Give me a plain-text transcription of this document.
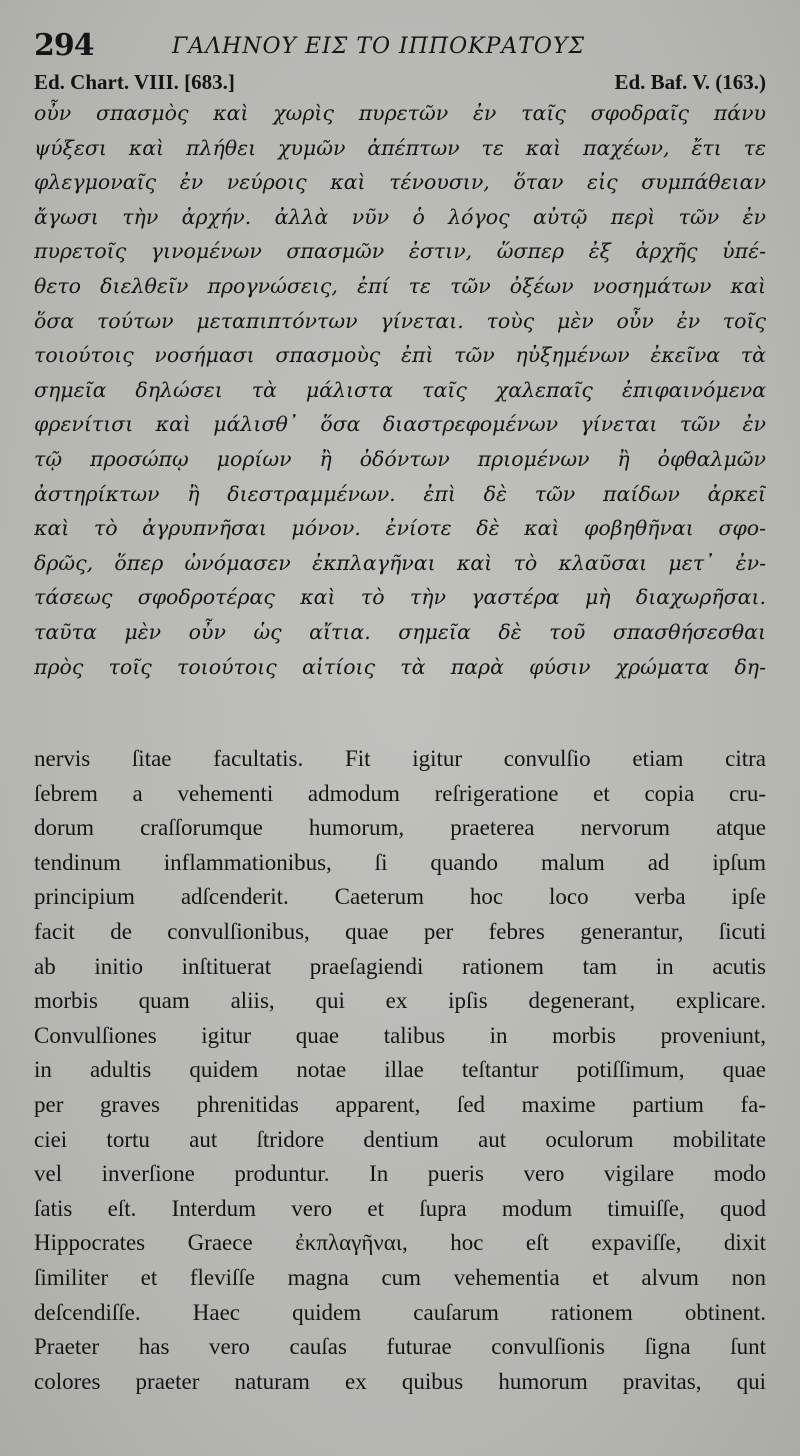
294	ΓΑΛΗΝΟΥ ΕΙΣ ΤΟ ΙΠΠΟΚΡΑΤΟΥΣ
Ed. Chart. VIII. [683.]	Ed. Baf. V. (163.)
οὖν σπασμὸς καὶ χωρὶς πυρετῶν ἐν ταῖς σφοδραῖς πάνυ
ψύξεσι καὶ πλήθει χυμῶν ἀπέπτων τε καὶ παχέων, ἔτι τε
φλεγμοναῖς ἐν νεύροις καὶ τένουσιν, ὅταν εἰς συμπάθειαν
ἄγωσι τὴν ἀρχήν. ἀλλὰ νῦν ὁ λόγος αὐτῷ περὶ τῶν ἐν
πυρετοῖς γινομένων σπασμῶν ἐστιν, ὥσπερ ἐξ ἀρχῆς ὑπέ-
θετο διελθεῖν προγνώσεις, ἐπί τε τῶν ὀξέων νοσημάτων καὶ
ὅσα τούτων μεταπιπτόντων γίνεται. τοὺς μὲν οὖν ἐν τοῖς
τοιούτοις νοσήμασι σπασμοὺς ἐπὶ τῶν ηὐξημένων ἐκεῖνα τὰ
σημεῖα δηλώσει τὰ μάλιστα ταῖς χαλεπαῖς ἐπιφαινόμενα
φρενίτισι καὶ μάλισθ᾽ ὅσα διαστρεφομένων γίνεται τῶν ἐν
τῷ προσώπῳ μορίων ἢ ὀδόντων πριομένων ἢ ὀφθαλμῶν
ἀστηρίκτων ἢ διεστραμμένων. ἐπὶ δὲ τῶν παίδων ἀρκεῖ
καὶ τὸ ἀγρυπνῆσαι μόνον. ἐνίοτε δὲ καὶ φοβηθῆναι σφο-
δρῶς, ὅπερ ὠνόμασεν ἐκπλαγῆναι καὶ τὸ κλαῦσαι μετ᾽ ἐν-
τάσεως σφοδροτέρας καὶ τὸ τὴν γαστέρα μὴ διαχωρῆσαι.
ταῦτα μὲν οὖν ὡς αἴτια. σημεῖα δὲ τοῦ σπασθήσεσθαι
πρὸς τοῖς τοιούτοις αἰτίοις τὰ παρὰ φύσιν χρώματα δη-
nervis ſitae facultatis. Fit igitur convulſio etiam citra
ſebrem a vehementi admodum reſrigeratione et copia cru-
dorum craſſorumque humorum, praeterea nervorum atque
tendinum inflammationibus, ſi quando malum ad ipſum
principium adſcenderit. Caeterum hoc loco verba ipſe
facit de convulſionibus, quae per febres generantur, ſicuti
ab initio inſtituerat praeſagiendi rationem tam in acutis
morbis quam aliis, qui ex ipſis degenerant, explicare.
Convulſiones igitur quae talibus in morbis proveniunt,
in adultis quidem notae illae teſtantur potiſſimum, quae
per graves phrenitidas apparent, ſed maxime partium fa-
ciei tortu aut ſtridore dentium aut oculorum mobilitate
vel inverſione produntur. In pueris vero vigilare modo
ſatis eſt. Interdum vero et ſupra modum timuiſſe, quod
Hippocrates Graece ἐκπλαγῆναι, hoc eſt expaviſſe, dixit
ſimiliter et fleviſſe magna cum vehementia et alvum non
deſcendiſſe. Haec quidem cauſarum rationem obtinent.
Praeter has vero cauſas futurae convulſionis ſigna ſunt
colores praeter naturam ex quibus humorum pravitas, qui
